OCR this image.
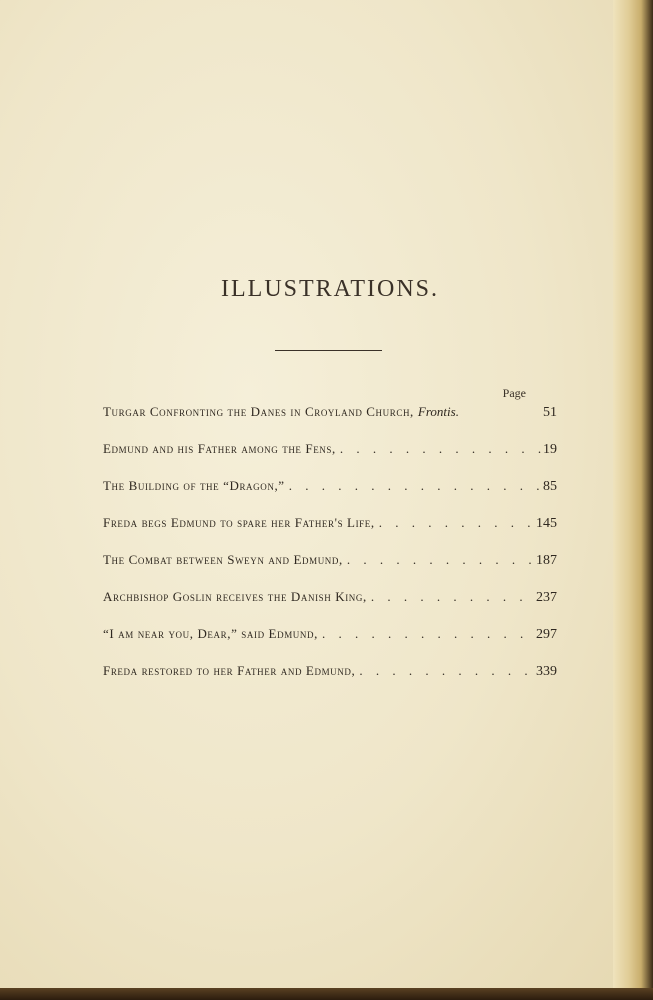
ILLUSTRATIONS.
Page
Turgar Confronting the Danes in Croyland Church, Frontis.	51
Edmund and his Father among the Fens, . . .	19
The Building of the “Dragon,” . . .	85
Freda begs Edmund to spare her Father's Life, . . .	145
The Combat between Sweyn and Edmund, . . .	187
Archbishop Goslin receives the Danish King, . . .	237
“I am near you, Dear,” said Edmund, . . .	297
Freda restored to her Father and Edmund, . . .	339
